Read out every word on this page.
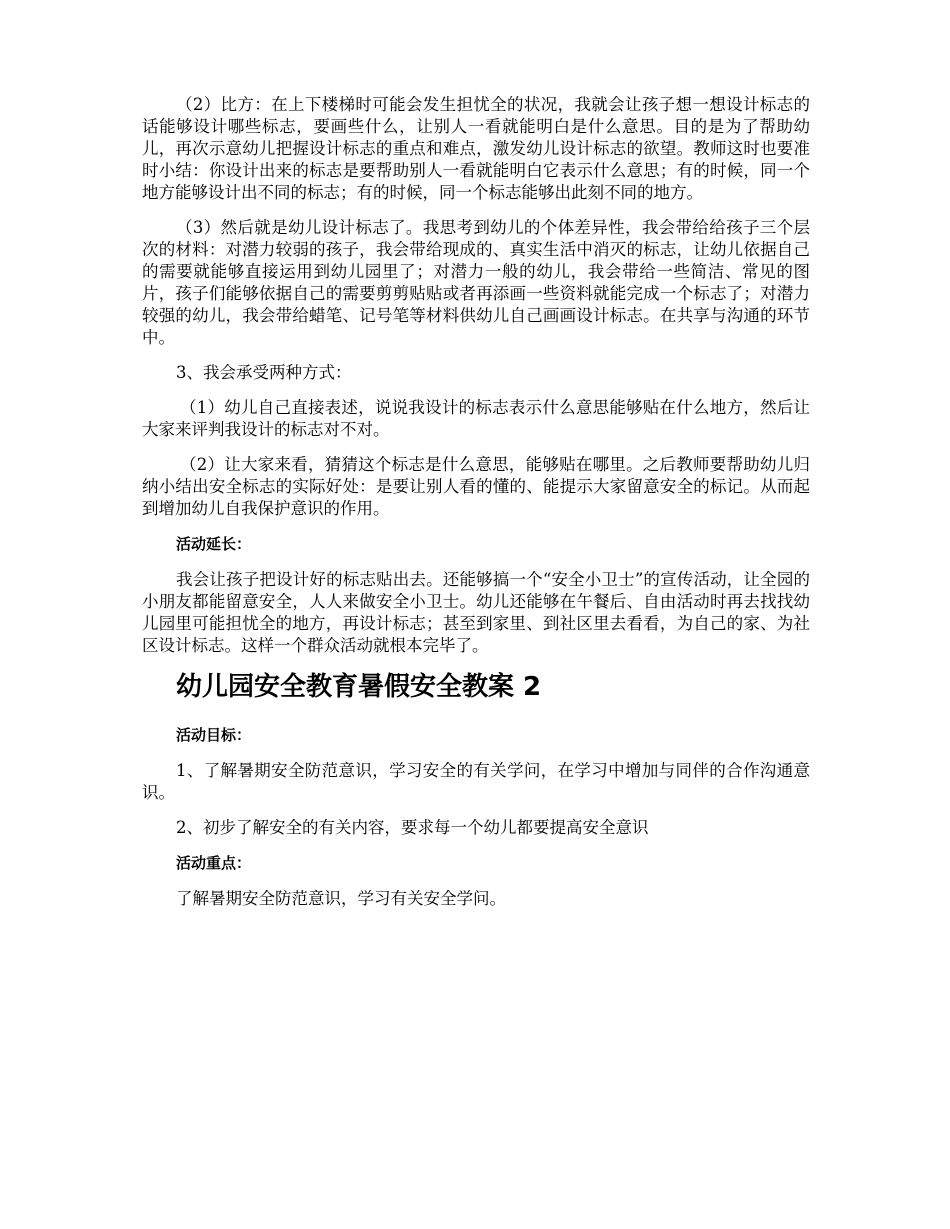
（2）比方：在上下楼梯时可能会发生担忧全的状况，我就会让孩子想一想设计标志的话能够设计哪些标志，要画些什么，让别人一看就能明白是什么意思。目的是为了帮助幼儿，再次示意幼儿把握设计标志的重点和难点，激发幼儿设计标志的欲望。教师这时也要准时小结：你设计出来的标志是要帮助别人一看就能明白它表示什么意思；有的时候，同一个地方能够设计出不同的标志；有的时候，同一个标志能够出此刻不同的地方。

（3）然后就是幼儿设计标志了。我思考到幼儿的个体差异性，我会带给给孩子三个层次的材料：对潜力较弱的孩子，我会带给现成的、真实生活中消灭的标志，让幼儿依据自己的需要就能够直接运用到幼儿园里了；对潜力一般的幼儿，我会带给一些简洁、常见的图片，孩子们能够依据自己的需要剪剪贴贴或者再添画一些资料就能完成一个标志了；对潜力较强的幼儿，我会带给蜡笔、记号笔等材料供幼儿自己画画设计标志。在共享与沟通的环节中。

3、我会承受两种方式：

（1）幼儿自己直接表述，说说我设计的标志表示什么意思能够贴在什么地方，然后让大家来评判我设计的标志对不对。

（2）让大家来看，猜猜这个标志是什么意思，能够贴在哪里。之后教师要帮助幼儿归纳小结出安全标志的实际好处：是要让别人看的懂的、能提示大家留意安全的标记。从而起到增加幼儿自我保护意识的作用。

活动延长：

我会让孩子把设计好的标志贴出去。还能够搞一个“安全小卫士”的宣传活动，让全园的小朋友都能留意安全，人人来做安全小卫士。幼儿还能够在午餐后、自由活动时再去找找幼儿园里可能担忧全的地方，再设计标志；甚至到家里、到社区里去看看，为自己的家、为社区设计标志。这样一个群众活动就根本完毕了。

幼儿园安全教育暑假安全教案 2
活动目标：

1、了解暑期安全防范意识，学习安全的有关学问，在学习中增加与同伴的合作沟通意识。

2、初步了解安全的有关内容，要求每一个幼儿都要提高安全意识

活动重点：

了解暑期安全防范意识，学习有关安全学问。
